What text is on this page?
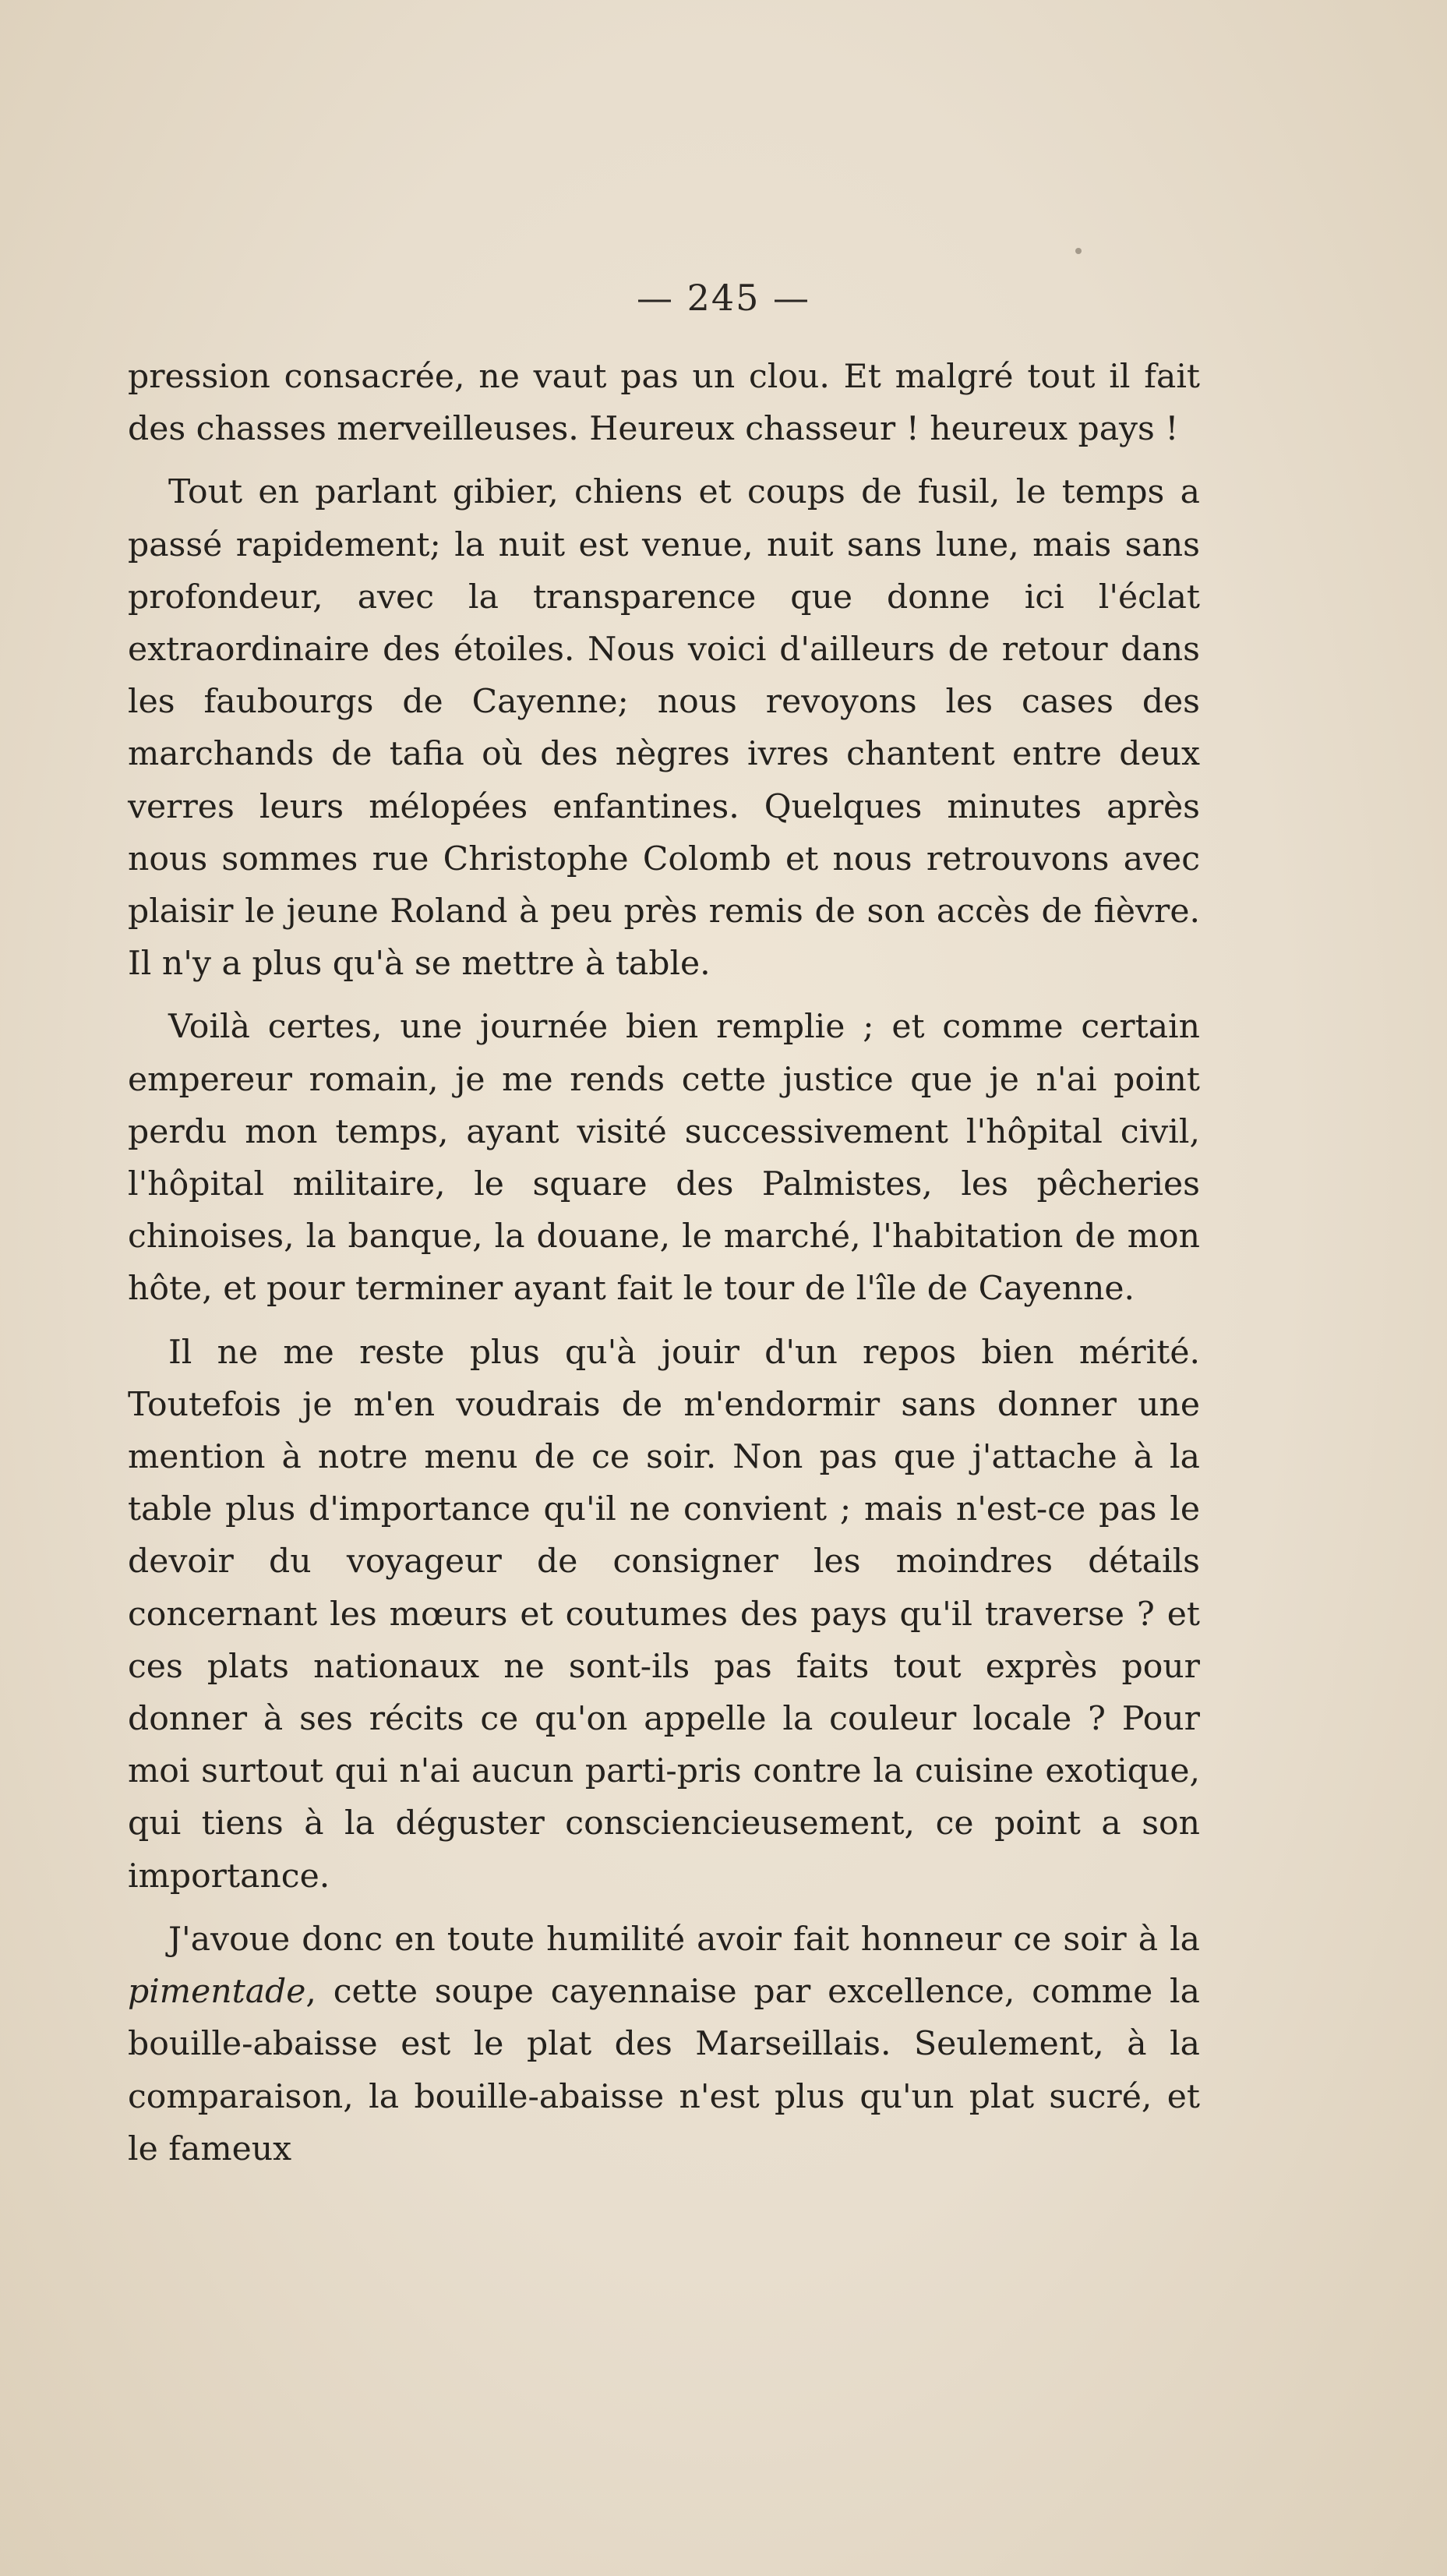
— 245 —

pression consacrée, ne vaut pas un clou. Et malgré tout il fait des chasses merveilleuses. Heureux chasseur ! heureux pays !

Tout en parlant gibier, chiens et coups de fusil, le temps a passé rapidement; la nuit est venue, nuit sans lune, mais sans profondeur, avec la transparence que donne ici l'éclat extraordinaire des étoiles. Nous voici d'ailleurs de retour dans les faubourgs de Cayenne; nous revoyons les cases des marchands de tafia où des nègres ivres chantent entre deux verres leurs mélopées enfantines. Quelques minutes après nous sommes rue Christophe Colomb et nous retrouvons avec plaisir le jeune Roland à peu près remis de son accès de fièvre. Il n'y a plus qu'à se mettre à table.

Voilà certes, une journée bien remplie ; et comme certain empereur romain, je me rends cette justice que je n'ai point perdu mon temps, ayant visité successivement l'hôpital civil, l'hôpital militaire, le square des Palmistes, les pêcheries chinoises, la banque, la douane, le marché, l'habitation de mon hôte, et pour terminer ayant fait le tour de l'île de Cayenne.

Il ne me reste plus qu'à jouir d'un repos bien mérité. Toutefois je m'en voudrais de m'endormir sans donner une mention à notre menu de ce soir. Non pas que j'attache à la table plus d'importance qu'il ne convient ; mais n'est-ce pas le devoir du voyageur de consigner les moindres détails concernant les mœurs et coutumes des pays qu'il traverse ? et ces plats nationaux ne sont-ils pas faits tout exprès pour donner à ses récits ce qu'on appelle la couleur locale ? Pour moi surtout qui n'ai aucun parti-pris contre la cuisine exotique, qui tiens à la déguster consciencieusement, ce point a son importance.

J'avoue donc en toute humilité avoir fait honneur ce soir à la pimentade, cette soupe cayennaise par excellence, comme la bouille-abaisse est le plat des Marseillais. Seulement, à la comparaison, la bouille-abaisse n'est plus qu'un plat sucré, et le fameux
